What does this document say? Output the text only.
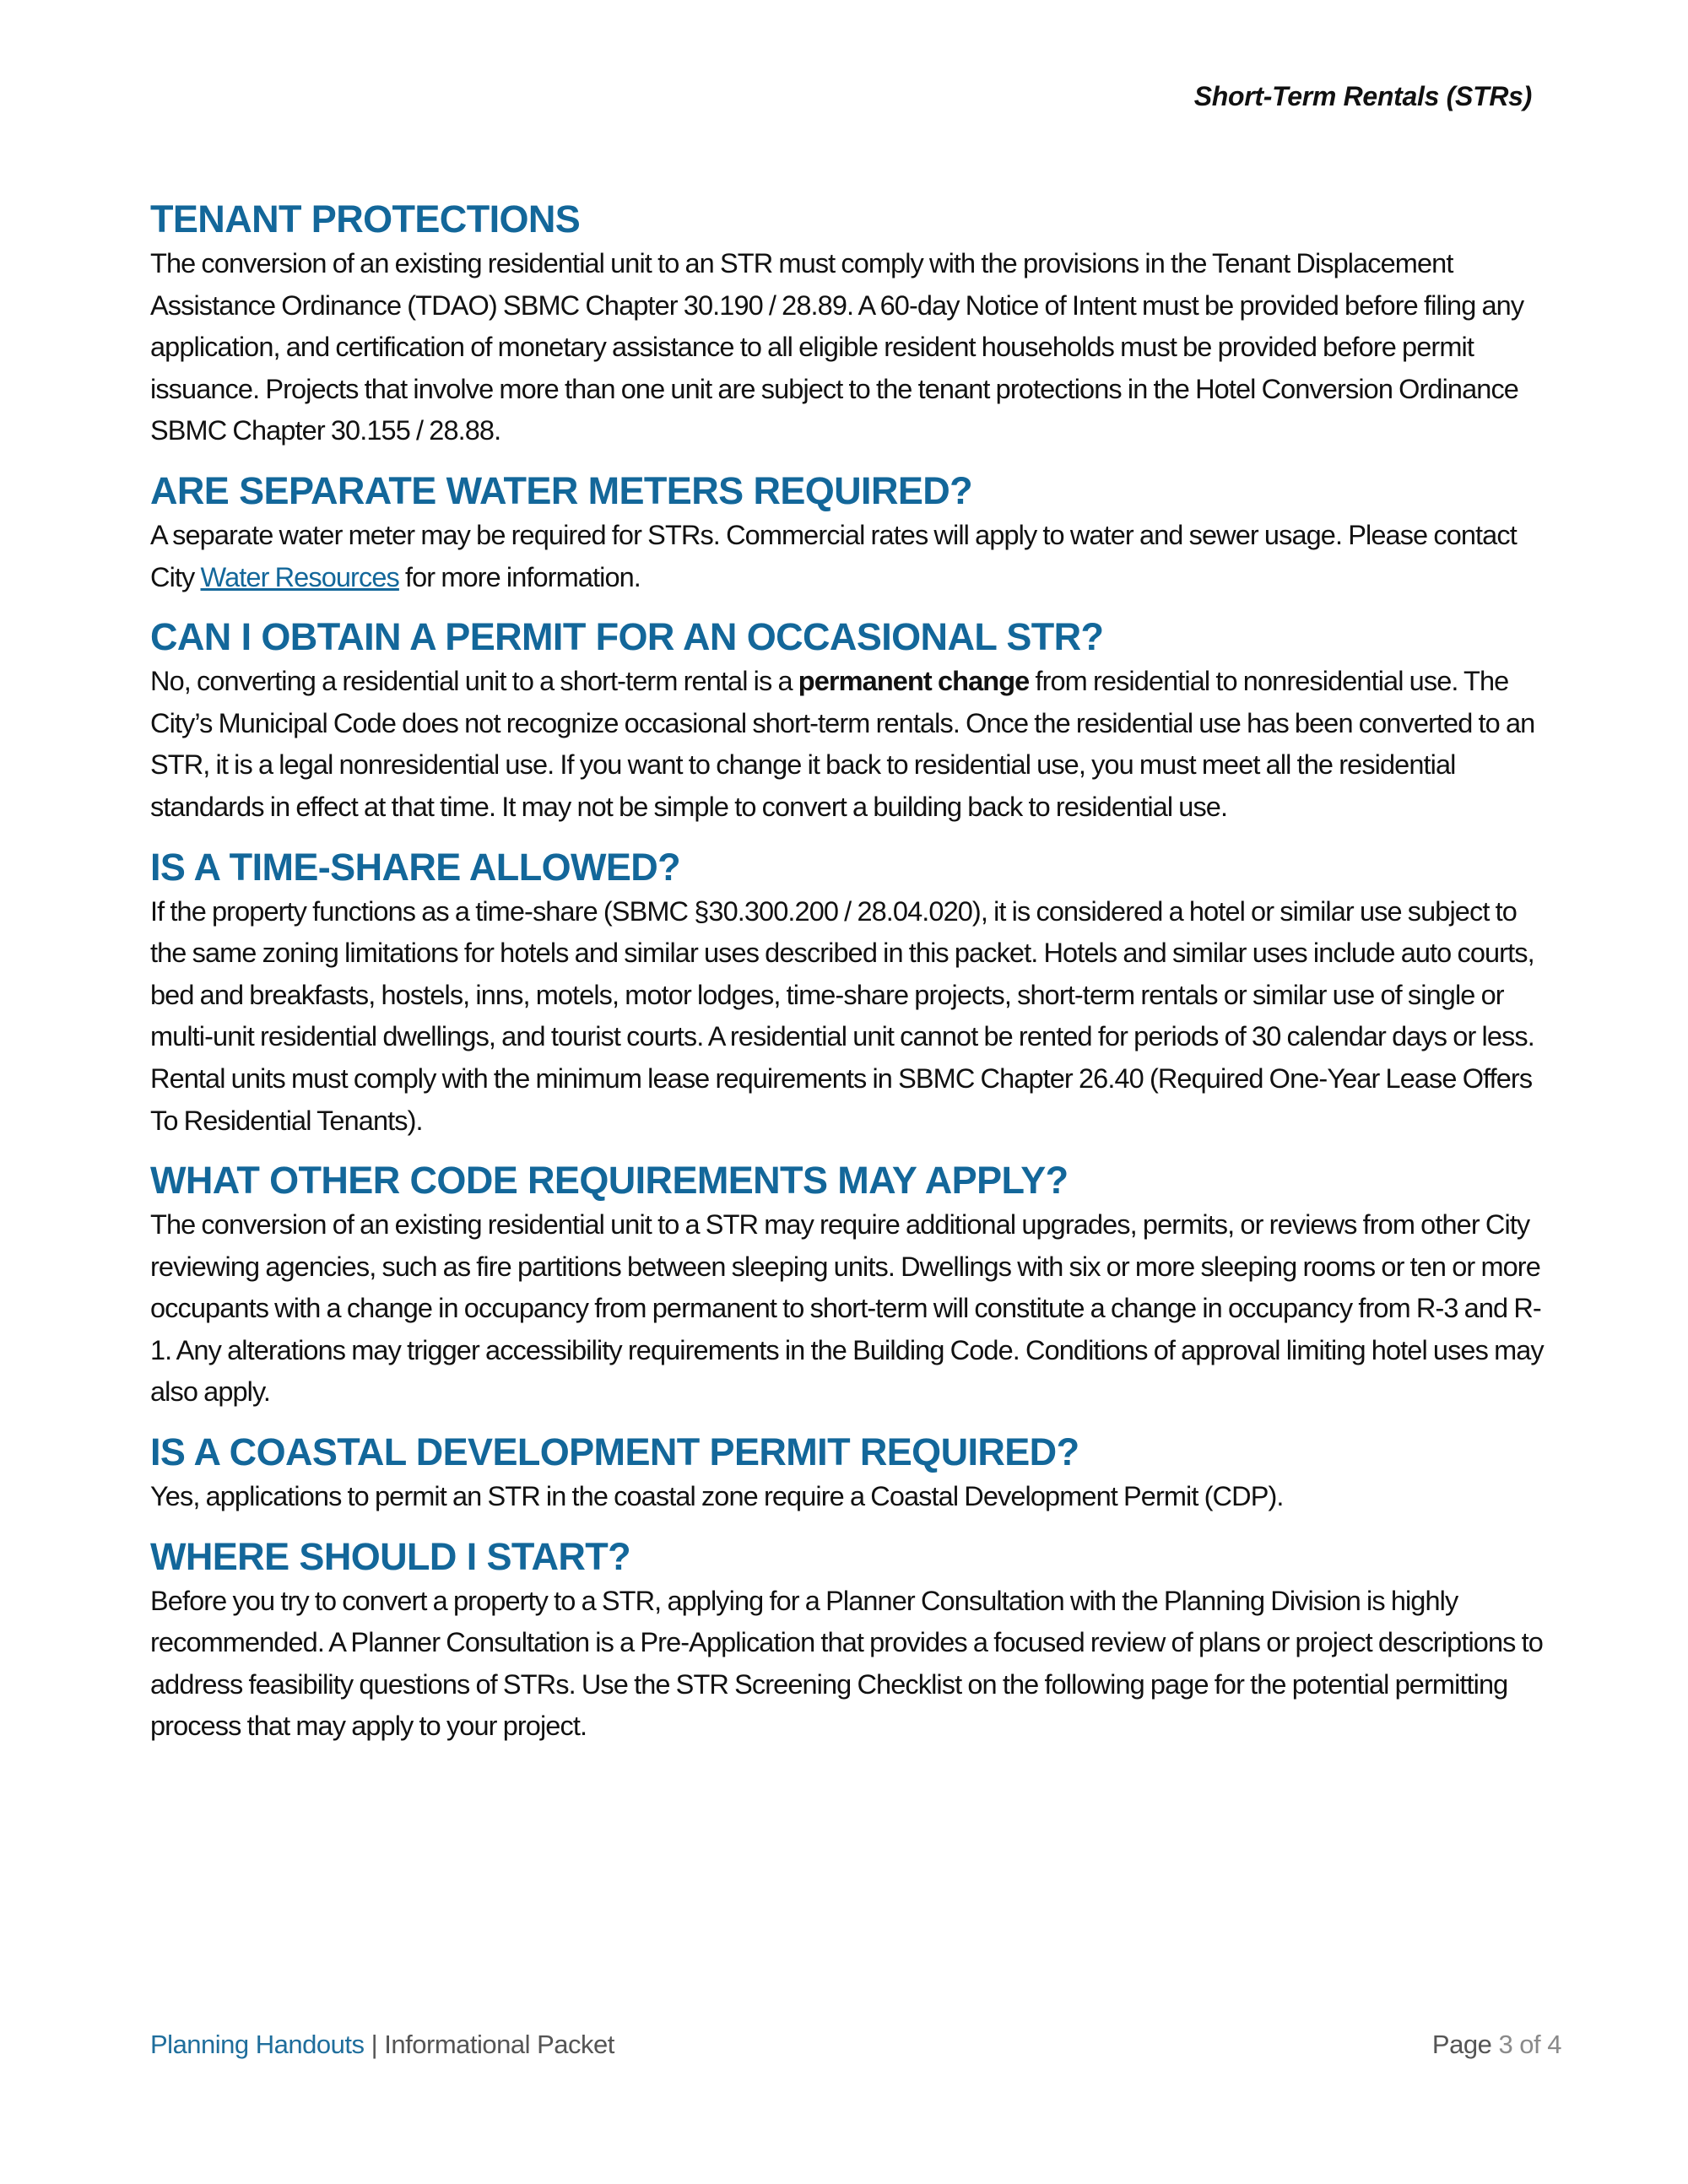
Short-Term Rentals (STRs)
TENANT PROTECTIONS

The conversion of an existing residential unit to an STR must comply with the provisions in the Tenant Displacement Assistance Ordinance (TDAO) SBMC Chapter 30.190 / 28.89. A 60-day Notice of Intent must be provided before filing any application, and certification of monetary assistance to all eligible resident households must be provided before permit issuance. Projects that involve more than one unit are subject to the tenant protections in the Hotel Conversion Ordinance SBMC Chapter 30.155 / 28.88.

ARE SEPARATE WATER METERS REQUIRED?

A separate water meter may be required for STRs. Commercial rates will apply to water and sewer usage. Please contact City Water Resources for more information.

CAN I OBTAIN A PERMIT FOR AN OCCASIONAL STR?

No, converting a residential unit to a short-term rental is a permanent change from residential to nonresidential use. The City’s Municipal Code does not recognize occasional short-term rentals. Once the residential use has been converted to an STR, it is a legal nonresidential use. If you want to change it back to residential use, you must meet all the residential standards in effect at that time. It may not be simple to convert a building back to residential use.

IS A TIME-SHARE ALLOWED?

If the property functions as a time-share (SBMC §30.300.200 / 28.04.020), it is considered a hotel or similar use subject to the same zoning limitations for hotels and similar uses described in this packet. Hotels and similar uses include auto courts, bed and breakfasts, hostels, inns, motels, motor lodges, time-share projects, short-term rentals or similar use of single or multi-unit residential dwellings, and tourist courts. A residential unit cannot be rented for periods of 30 calendar days or less. Rental units must comply with the minimum lease requirements in SBMC Chapter 26.40 (Required One-Year Lease Offers To Residential Tenants).

WHAT OTHER CODE REQUIREMENTS MAY APPLY?

The conversion of an existing residential unit to a STR may require additional upgrades, permits, or reviews from other City reviewing agencies, such as fire partitions between sleeping units. Dwellings with six or more sleeping rooms or ten or more occupants with a change in occupancy from permanent to short-term will constitute a change in occupancy from R-3 and R-1. Any alterations may trigger accessibility requirements in the Building Code. Conditions of approval limiting hotel uses may also apply.

IS A COASTAL DEVELOPMENT PERMIT REQUIRED?

Yes, applications to permit an STR in the coastal zone require a Coastal Development Permit (CDP).

WHERE SHOULD I START?

Before you try to convert a property to a STR, applying for a Planner Consultation with the Planning Division is highly recommended. A Planner Consultation is a Pre-Application that provides a focused review of plans or project descriptions to address feasibility questions of STRs. Use the STR Screening Checklist on the following page for the potential permitting process that may apply to your project.

Planning Handouts | Informational Packet	Page 3 of 4
